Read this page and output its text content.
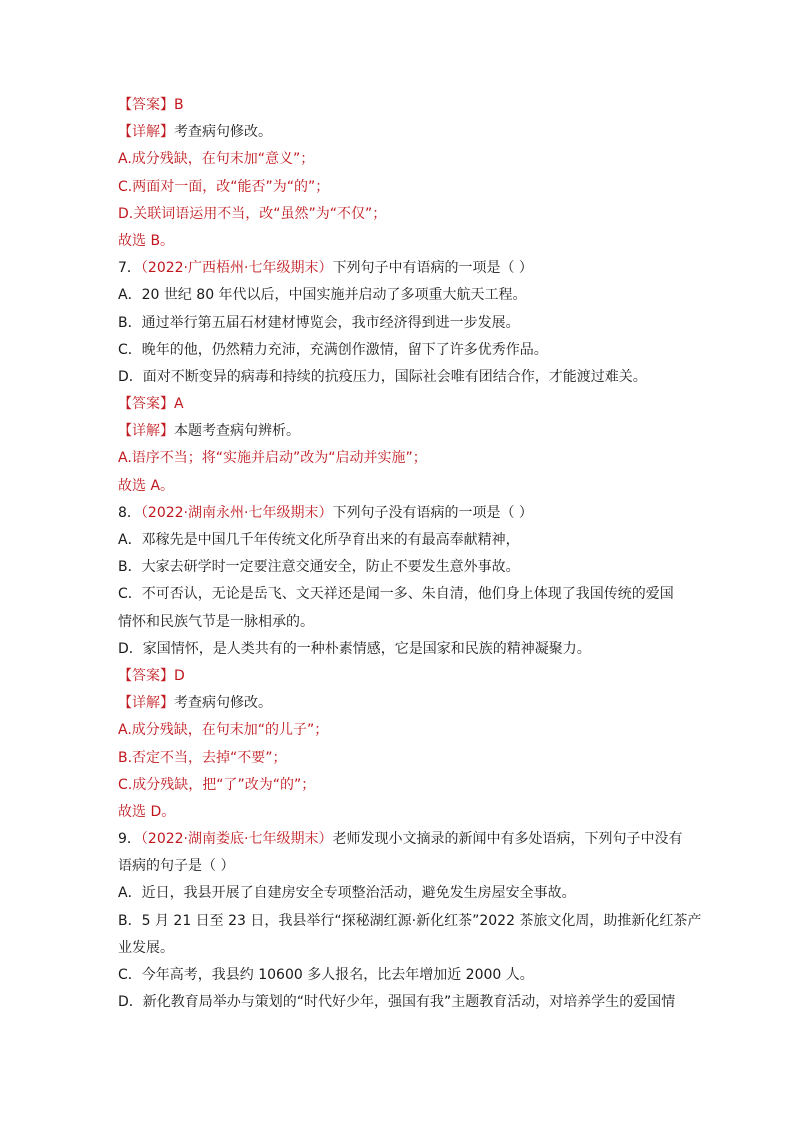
【答案】B
【详解】考查病句修改。
A.成分残缺，在句末加“意义”；
C.两面对一面，改“能否”为“的”；
D.关联词语运用不当，改“虽然”为“不仅”；
故选 B。
7．（2022·广西梧州·七年级期末）下列句子中有语病的一项是（ ）
A．20 世纪 80 年代以后，中国实施并启动了多项重大航天工程。
B．通过举行第五届石材建材博览会，我市经济得到进一步发展。
C．晚年的他，仍然精力充沛，充满创作激情，留下了许多优秀作品。
D．面对不断变异的病毒和持续的抗疫压力，国际社会唯有团结合作，才能渡过难关。
【答案】A
【详解】本题考查病句辨析。
A.语序不当；将“实施并启动”改为“启动并实施”；
故选 A。
8．（2022·湖南永州·七年级期末）下列句子没有语病的一项是（ ）
A．邓稼先是中国几千年传统文化所孕育出来的有最高奉献精神，
B．大家去研学时一定要注意交通安全，防止不要发生意外事故。
C．不可否认，无论是岳飞、文天祥还是闻一多、朱自清，他们身上体现了我国传统的爱国
情怀和民族气节是一脉相承的。
D．家国情怀，是人类共有的一种朴素情感，它是国家和民族的精神凝聚力。
【答案】D
【详解】考查病句修改。
A.成分残缺，在句末加“的儿子”；
B.否定不当，去掉“不要”；
C.成分残缺，把“了”改为“的”；
故选 D。
9．（2022·湖南娄底·七年级期末）老师发现小文摘录的新闻中有多处语病，下列句子中没有
语病的句子是（ ）
A．近日，我县开展了自建房安全专项整治活动，避免发生房屋安全事故。
B．5 月 21 日至 23 日，我县举行“探秘湖红源·新化红茶”2022 茶旅文化周，助推新化红茶产
业发展。
C．今年高考，我县约 10600 多人报名，比去年增加近 2000 人。
D．新化教育局举办与策划的“时代好少年，强国有我”主题教育活动，对培养学生的爱国情
